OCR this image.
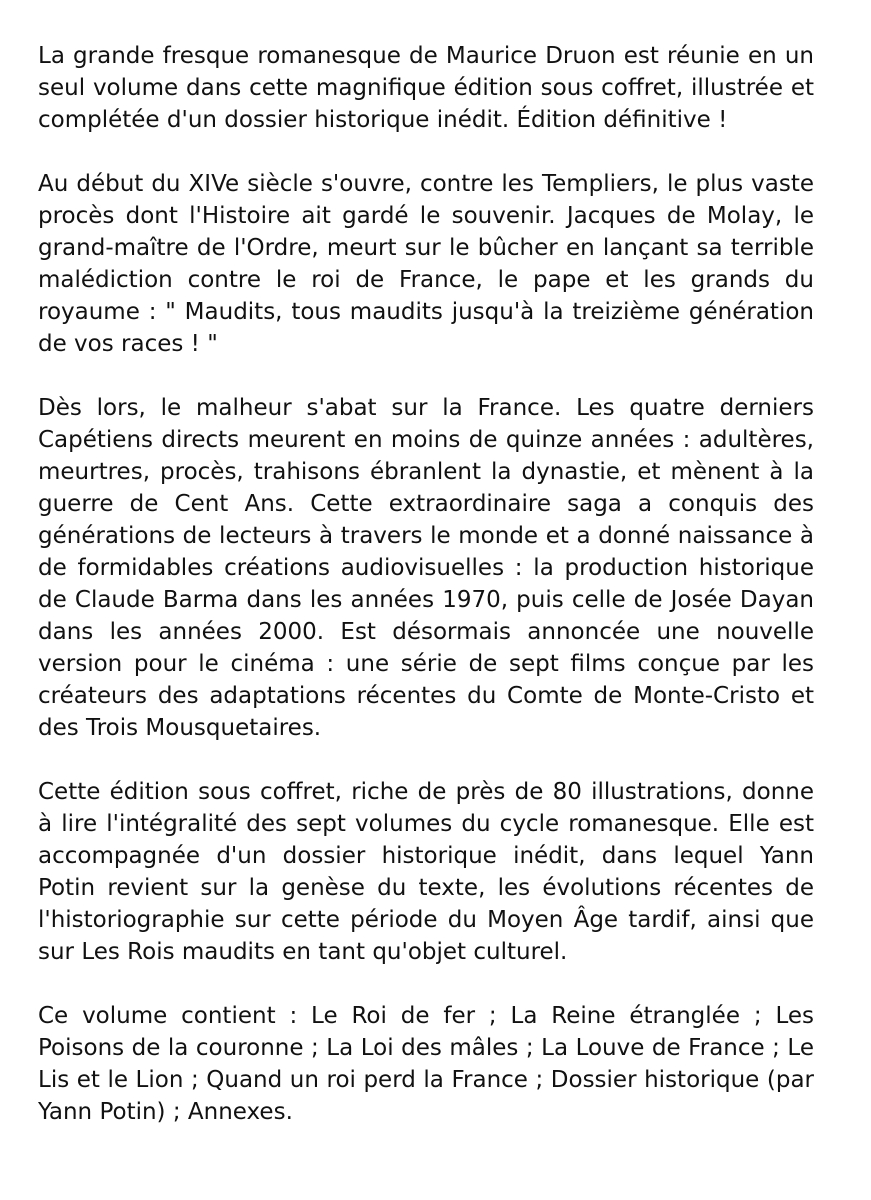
La grande fresque romanesque de Maurice Druon est réunie en un seul volume dans cette magnifique édition sous coffret, illustrée et complétée d'un dossier historique inédit. Édition définitive !

Au début du XIVe siècle s'ouvre, contre les Templiers, le plus vaste procès dont l'Histoire ait gardé le souvenir. Jacques de Molay, le grand-maître de l'Ordre, meurt sur le bûcher en lançant sa terrible malédiction contre le roi de France, le pape et les grands du royaume : " Maudits, tous maudits jusqu'à la treizième génération de vos races ! "

Dès lors, le malheur s'abat sur la France. Les quatre derniers Capétiens directs meurent en moins de quinze années : adultères, meurtres, procès, trahisons ébranlent la dynastie, et mènent à la guerre de Cent Ans. Cette extraordinaire saga a conquis des générations de lecteurs à travers le monde et a donné naissance à de formidables créations audiovisuelles : la production historique de Claude Barma dans les années 1970, puis celle de Josée Dayan dans les années 2000. Est désormais annoncée une nouvelle version pour le cinéma : une série de sept films conçue par les créateurs des adaptations récentes du Comte de Monte-Cristo et des Trois Mousquetaires.

Cette édition sous coffret, riche de près de 80 illustrations, donne à lire l'intégralité des sept volumes du cycle romanesque. Elle est accompagnée d'un dossier historique inédit, dans lequel Yann Potin revient sur la genèse du texte, les évolutions récentes de l'historiographie sur cette période du Moyen Âge tardif, ainsi que sur Les Rois maudits en tant qu'objet culturel.

Ce volume contient : Le Roi de fer ; La Reine étranglée ; Les Poisons de la couronne ; La Loi des mâles ; La Louve de France ; Le Lis et le Lion ; Quand un roi perd la France ; Dossier historique (par Yann Potin) ; Annexes.
